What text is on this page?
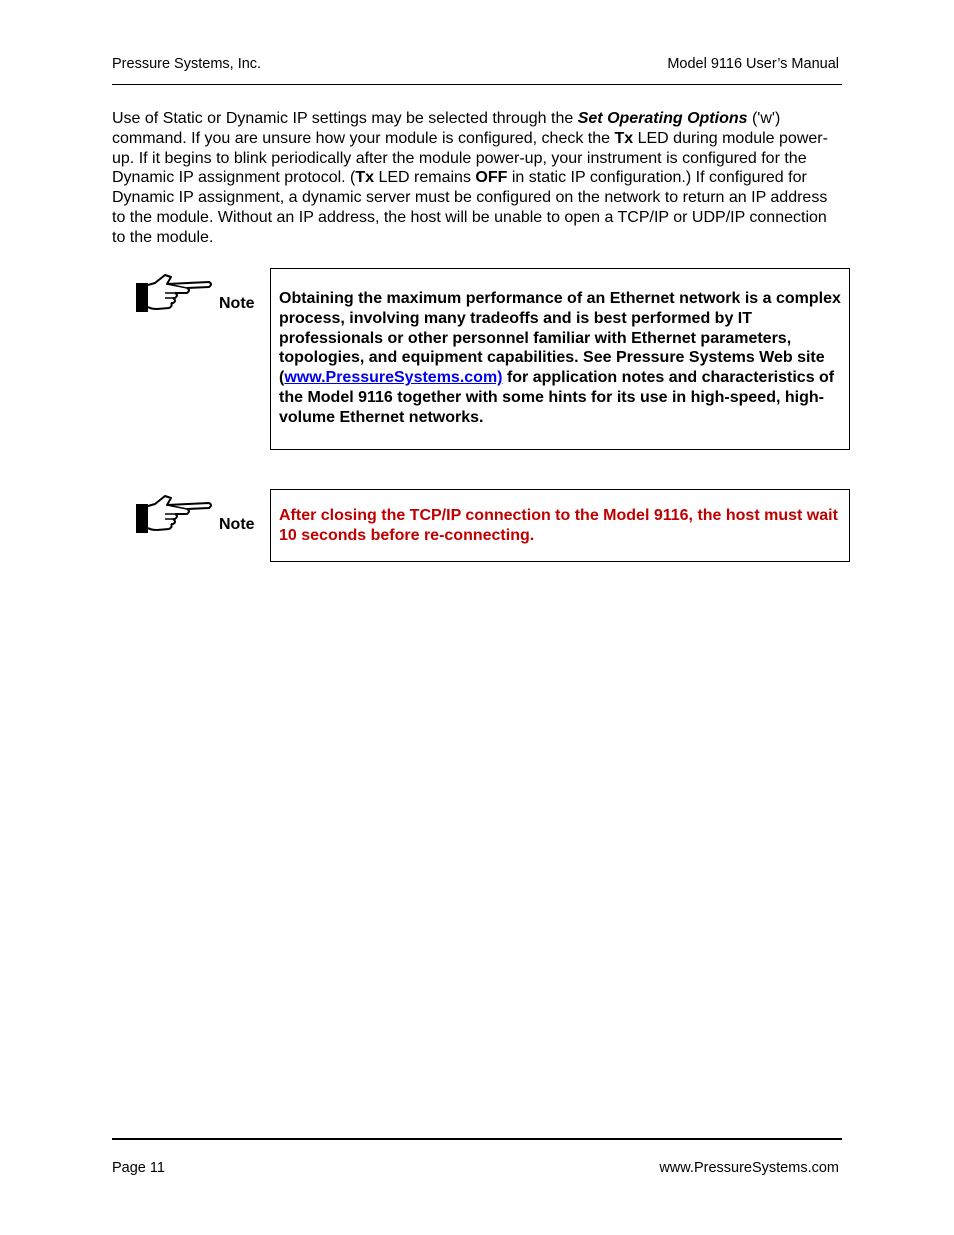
Pressure Systems, Inc.	Model 9116 User’s Manual

Use of Static or Dynamic IP settings may be selected through the Set Operating Options ('w') command. If you are unsure how your module is configured, check the Tx LED during module power-up. If it begins to blink periodically after the module power-up, your instrument is configured for the Dynamic IP assignment protocol. (Tx LED remains OFF in static IP configuration.) If configured for Dynamic IP assignment, a dynamic server must be configured on the network to return an IP address to the module. Without an IP address, the host will be unable to open a TCP/IP or UDP/IP connection to the module.

Note	Obtaining the maximum performance of an Ethernet network is a complex process, involving many tradeoffs and is best performed by IT professionals or other personnel familiar with Ethernet parameters, topologies, and equipment capabilities. See Pressure Systems Web site (www.PressureSystems.com) for application notes and characteristics of the Model 9116 together with some hints for its use in high-speed, high-volume Ethernet networks.
Note
After closing the TCP/IP connection to the Model 9116, the host must wait 10 seconds before re-connecting.
Page 11	www.PressureSystems.com
